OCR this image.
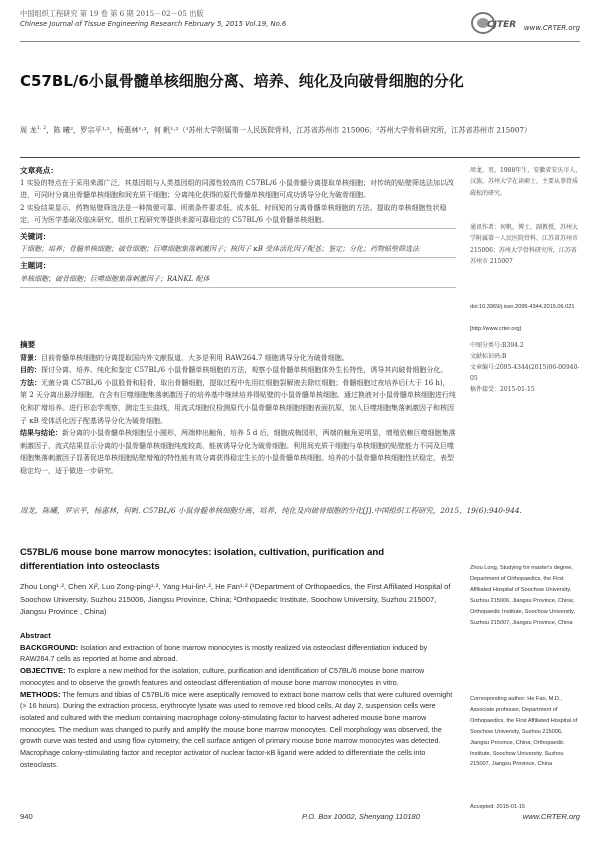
中国组织工程研究 第 19 卷 第 6 期 2015－02－05 出版
Chinese Journal of Tissue Engineering Research February 5, 2015 Vol.19, No.6	CJTER www.CRTER.org
C57BL/6小鼠骨髓单核细胞分离、培养、纯化及向破骨细胞的分化
周 龙$^{1, 2}$，陈 曦²，罗宗平¹·²，杨惠林¹·²，何 帆¹·²（¹苏州大学附属第一人民医院骨科，江苏省苏州市 215006；²苏州大学骨科研究所，江苏省苏州市 215007）
文章亮点：
1 实验的特点在于采用来源广泛，其基因组与人类基因组的同源性较高的 C57BL/6 小鼠骨髓分离提取单核细胞；对传统的贴壁筛选法加以改进，可同时分离出骨髓单核细胞和间充质干细胞；分离纯化获得的原代骨髓单核细胞可成功诱导分化为破骨细胞。
2 实验结果显示，药物贴壁筛选法是一种简便可靠、所需条件要求低、成本低、时间短的分离骨髓单核细胞的方法。提取的单核细胞性状稳定，可为医学基础及临床研究、组织工程研究等提供来源可靠稳定的 C57BL/6 小鼠骨髓单核细胞。
关键词：
干细胞；培养；骨髓单核细胞；破骨细胞；巨噬细胞集落刺激因子；核因子 κB 受体活化因子配基；鉴定；分化；药物贴壁筛选法
主题词：
单核细胞；破骨细胞；巨噬细胞集落刺激因子；RANKL 配体
周龙，男，1988年生，安徽省安庆市人，汉族，苏州大学在读硕士，主要从事骨质疏松的研究。
通讯作者：何帆，博士，副教授，苏州大学附属第一人民医院骨科，江苏省苏州市 215006；苏州大学骨科研究所，江苏省苏州市 215007
doi:10.3969/j.issn.2095-4344.2015.06.021
[http://www.crter.org]
中图分类号:R394.2
文献标识码:B
文章编号:2095-4344(2015)06-00940-05
稿件接受：2015-01-15
摘要
背景：目前骨髓单核细胞的分离提取国内外文献报道，大多是利用 RAW264.7 细胞诱导分化为破骨细胞。
目的：探讨分离、培养、纯化和鉴定 C57BL/6 小鼠骨髓单核细胞的方法，观察小鼠骨髓单核细胞体外生长特性，诱导其向破骨细胞分化。
方法：无菌分离 C57BL/6 小鼠股骨和胫骨，取出骨髓细胞，提取过程中先用红细胞裂解液去除红细胞；骨髓细胞过夜培养后(大于 16 h)，第 2 天分离出悬浮细胞，在含有巨噬细胞集落刺激因子的培养基中继续培养得贴壁的小鼠骨髓单核细胞。通过换液对小鼠骨髓单核细胞进行纯化和扩增培养。进行形态学观察，测定生长曲线，用流式细胞仪检测原代小鼠骨髓单核细胞细胞表面抗原，加入巨噬细胞集落刺激因子和核因子 κB 受体活化因子配基诱导分化为破骨细胞。
结果与结论：新分离的小鼠骨髓单核细胞呈小圆形，两端伸出触角，培养 5 d 后，细胞成梅园形，两端的触角更明显，增殖依赖巨噬细胞集落刺激因子，流式结果显示分离的小鼠骨髓单核细胞纯度较高，能被诱导分化为破骨细胞。利用间充质干细胞与单核细胞的贴壁能力不同及巨噬细胞集落刺激因子显著促进单核细胞贴壁增殖的特性能有效分离获得稳定生长的小鼠骨髓单核细胞。培养的小鼠骨髓单核细胞性状稳定，表型稳定均一，适于做进一步研究。
周龙，陈曦，罗宗平，杨惠林，何帆. C57BL/6 小鼠骨髓单核细胞分离、培养、纯化及向破骨细胞的分化[J].中国组织工程研究，2015，19(6):940-944.
C57BL/6 mouse bone marrow monocytes: isolation, cultivation, purification and differentiation into osteoclasts
Zhou Long¹·², Chen Xi², Luo Zong-ping¹·², Yang Hui-lin¹·², He Fan¹·² (¹Department of Orthopaedics, the First Affiliated Hospital of Soochow University, Suzhou 215006, Jiangsu Province, China; ²Orthopaedic Institute, Soochow University, Suzhou 215007, Jiangsu Province , China)
Zhou Long, Studying for master's degree, Department of Orthopaedics, the First Affiliated Hospital of Soochow University, Suzhou 215006, Jiangsu Province, China; Orthopaedic Institute, Soochow University, Suzhou 215007, Jiangsu Province, China
Corresponding author: He Fan, M.D., Associate professor, Department of Orthopaedics, the First Affiliated Hospital of Soochow University, Suzhou 215006, Jiangsu Province, China; Orthopaedic Institute, Soochow University, Suzhou 215007, Jiangsu Province, China
Accepted: 2015-01-15
Abstract
BACKGROUND: Isolation and extraction of bone marrow monocytes is mostly realized via osteoclast differentiation induced by RAW264.7 cells as reported at home and abroad.
OBJECTIVE: To explore a new method for the isolation, culture, purification and identification of C57BL/6 mouse bone marrow monocytes and to observe the growth features and osteoclast differentiation of mouse bone marrow monocytes in vitro.
METHODS: The femurs and tibias of C57BL/6 mice were aseptically removed to extract bone marrow cells that were cultured overnight (> 16 hours). During the extraction process, erythrocyte lysate was used to remove red blood cells. At day 2, suspension cells were isolated and cultured with the medium containing macrophage colony-stimulating factor to harvest adhered mouse bone marrow monocytes. The medium was changed to purify and amplify the mouse bone marrow monocytes. Cell morphology was observed, the growth curve was tested and using flow cytometry, the cell surface antigen of primary mouse bone marrow monocytes was detected. Macrophage colony-stimulating factor and receptor activator of nuclear factor-κB ligand were added to differentiate the cells into osteoclasts.
940	P.O. Box 10002, Shenyang 110180	www.CRTER.org
